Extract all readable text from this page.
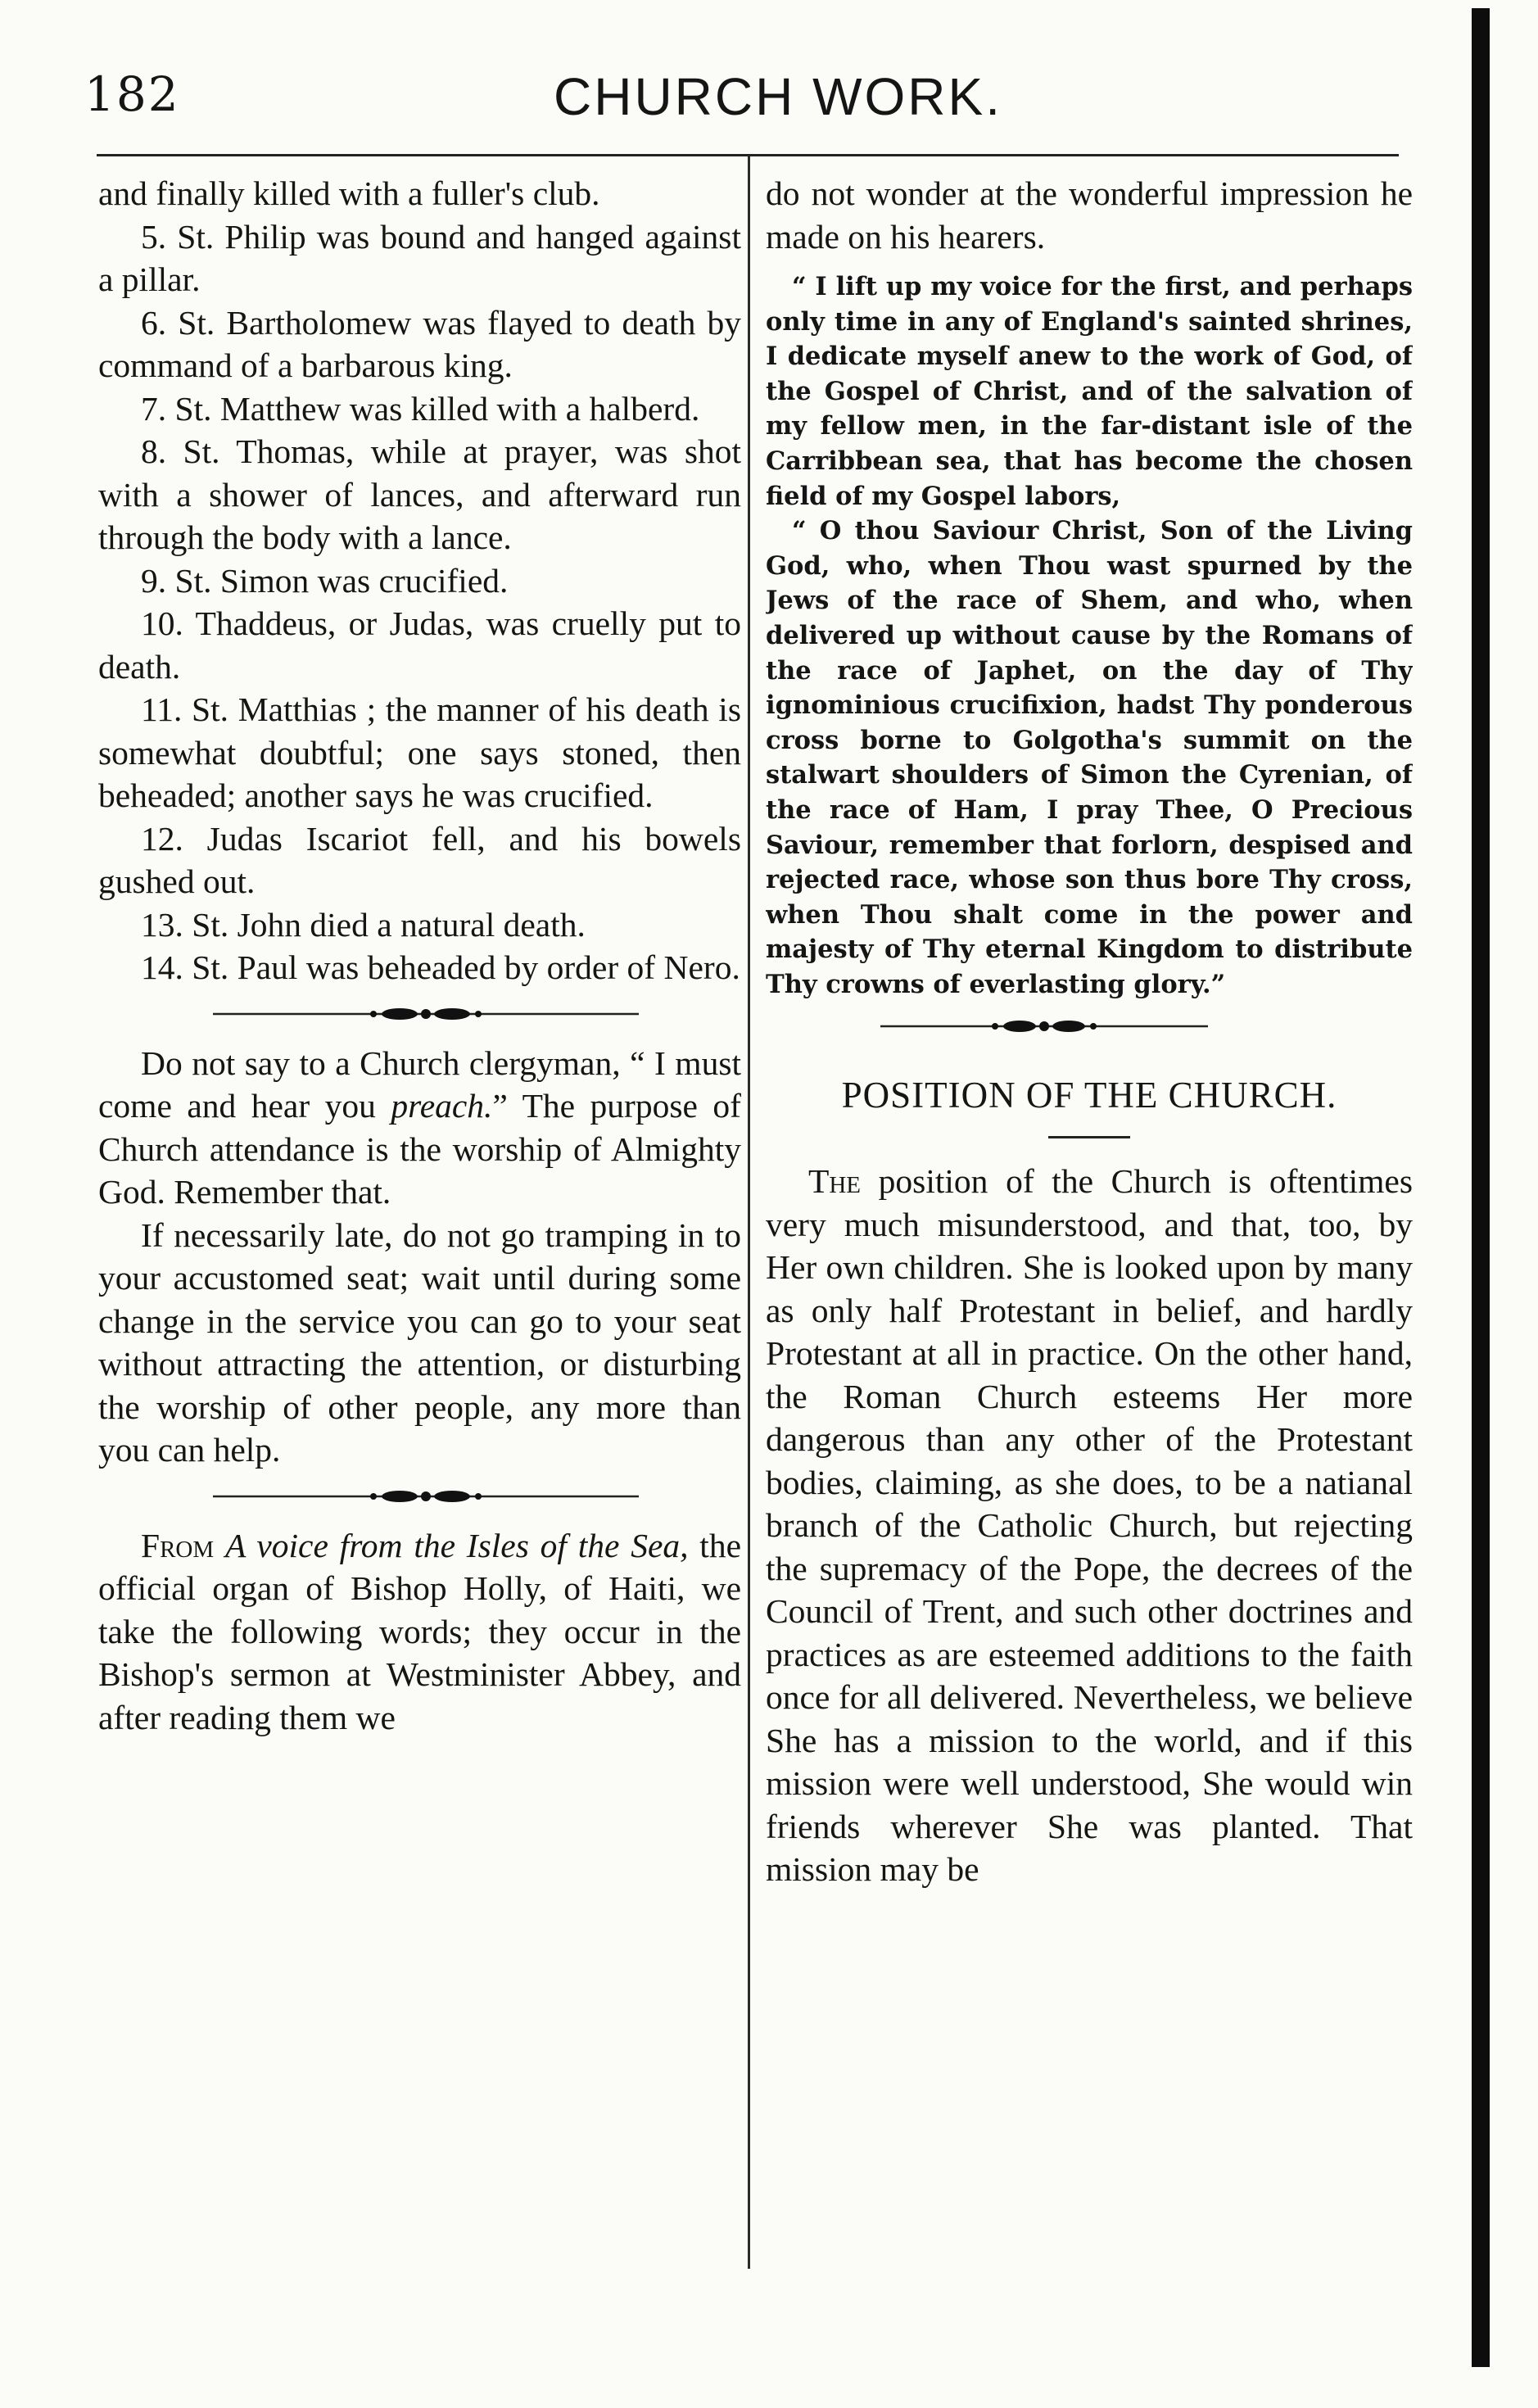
182	CHURCH WORK.

and finally killed with a fuller's club.

5. St. Philip was bound and hanged against a pillar.

6. St. Bartholomew was flayed to death by command of a barbarous king.

7. St. Matthew was killed with a halberd.

8. St. Thomas, while at prayer, was shot with a shower of lances, and afterward run through the body with a lance.

9. St. Simon was crucified.

10. Thaddeus, or Judas, was cruelly put to death.

11. St. Matthias ; the manner of his death is somewhat doubtful; one says stoned, then beheaded; another says he was crucified.

12. Judas Iscariot fell, and his bowels gushed out.

13. St. John died a natural death.

14. St. Paul was beheaded by order of Nero.

Do not say to a Church clergyman, “ I must come and hear you preach.” The purpose of Church attendance is the worship of Almighty God. Remember that.

If necessarily late, do not go tramping in to your accustomed seat; wait until during some change in the service you can go to your seat without attracting the attention, or disturbing the worship of other people, any more than you can help.

From A voice from the Isles of the Sea, the official organ of Bishop Holly, of Haiti, we take the following words; they occur in the Bishop's sermon at Westminister Abbey, and after reading them we

do not wonder at the wonderful impression he made on his hearers.

“ I lift up my voice for the first, and perhaps only time in any of England's sainted shrines, I dedicate myself anew to the work of God, of the Gospel of Christ, and of the salvation of my fellow men, in the far-distant isle of the Carribbean sea, that has become the chosen field of my Gospel labors,

“ O thou Saviour Christ, Son of the Living God, who, when Thou wast spurned by the Jews of the race of Shem, and who, when delivered up without cause by the Romans of the race of Japhet, on the day of Thy ignominious crucifixion, hadst Thy ponderous cross borne to Golgotha's summit on the stalwart shoulders of Simon the Cyrenian, of the race of Ham, I pray Thee, O Precious Saviour, remember that forlorn, despised and rejected race, whose son thus bore Thy cross, when Thou shalt come in the power and majesty of Thy eternal Kingdom to distribute Thy crowns of everlasting glory.”

POSITION OF THE CHURCH.

The position of the Church is oftentimes very much misunderstood, and that, too, by Her own children. She is looked upon by many as only half Protestant in belief, and hardly Protestant at all in practice. On the other hand, the Roman Church esteems Her more dangerous than any other of the Protestant bodies, claiming, as she does, to be a natianal branch of the Catholic Church, but rejecting the supremacy of the Pope, the decrees of the Council of Trent, and such other doctrines and practices as are esteemed additions to the faith once for all delivered. Nevertheless, we believe She has a mission to the world, and if this mission were well understood, She would win friends wherever She was planted. That mission may be
